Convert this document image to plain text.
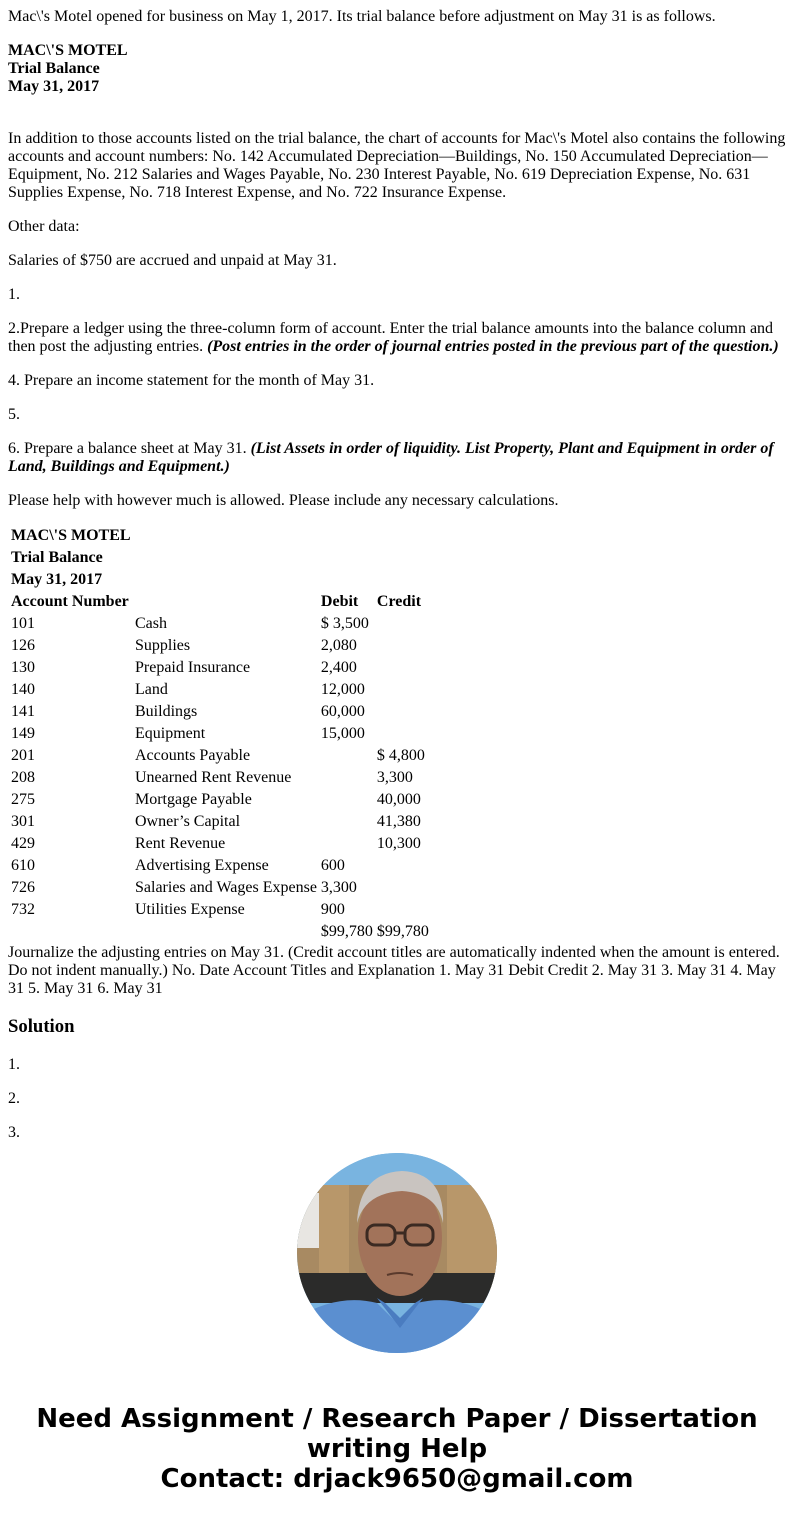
Mac\'s Motel opened for business on May 1, 2017. Its trial balance before adjustment on May 31 is as follows.

MAC\'S MOTEL
Trial Balance
May 31, 2017

In addition to those accounts listed on the trial balance, the chart of accounts for Mac\'s Motel also contains the following accounts and account numbers: No. 142 Accumulated Depreciation—Buildings, No. 150 Accumulated Depreciation—Equipment, No. 212 Salaries and Wages Payable, No. 230 Interest Payable, No. 619 Depreciation Expense, No. 631 Supplies Expense, No. 718 Interest Expense, and No. 722 Insurance Expense.

Other data:

Salaries of $750 are accrued and unpaid at May 31.

1.

2.Prepare a ledger using the three-column form of account. Enter the trial balance amounts into the balance column and then post the adjusting entries. (Post entries in the order of journal entries posted in the previous part of the question.)

4. Prepare an income statement for the month of May 31.

5.

6. Prepare a balance sheet at May 31. (List Assets in order of liquidity. List Property, Plant and Equipment in order of Land, Buildings and Equipment.)

Please help with however much is allowed. Please include any necessary calculations.

MAC\'S MOTEL			
Trial Balance			
May 31, 2017			
Account Number		Debit	Credit
101	Cash	$ 3,500	
126	Supplies	2,080	
130	Prepaid Insurance	2,400	
140	Land	12,000	
141	Buildings	60,000	
149	Equipment	15,000	
201	Accounts Payable		$ 4,800
208	Unearned Rent Revenue		3,300
275	Mortgage Payable		40,000
301	Owner’s Capital		41,380
429	Rent Revenue		10,300
610	Advertising Expense	600	
726	Salaries and Wages Expense	3,300	
732	Utilities Expense	900	
		$99,780	$99,780

Journalize the adjusting entries on May 31. (Credit account titles are automatically indented when the amount is entered. Do not indent manually.) No. Date Account Titles and Explanation 1. May 31 Debit Credit 2. May 31 3. May 31 4. May 31 5. May 31 6. May 31

Solution

1.

2.

3.

Need Assignment / Research Paper / Dissertation
writing Help
Contact: drjack9650@gmail.com
